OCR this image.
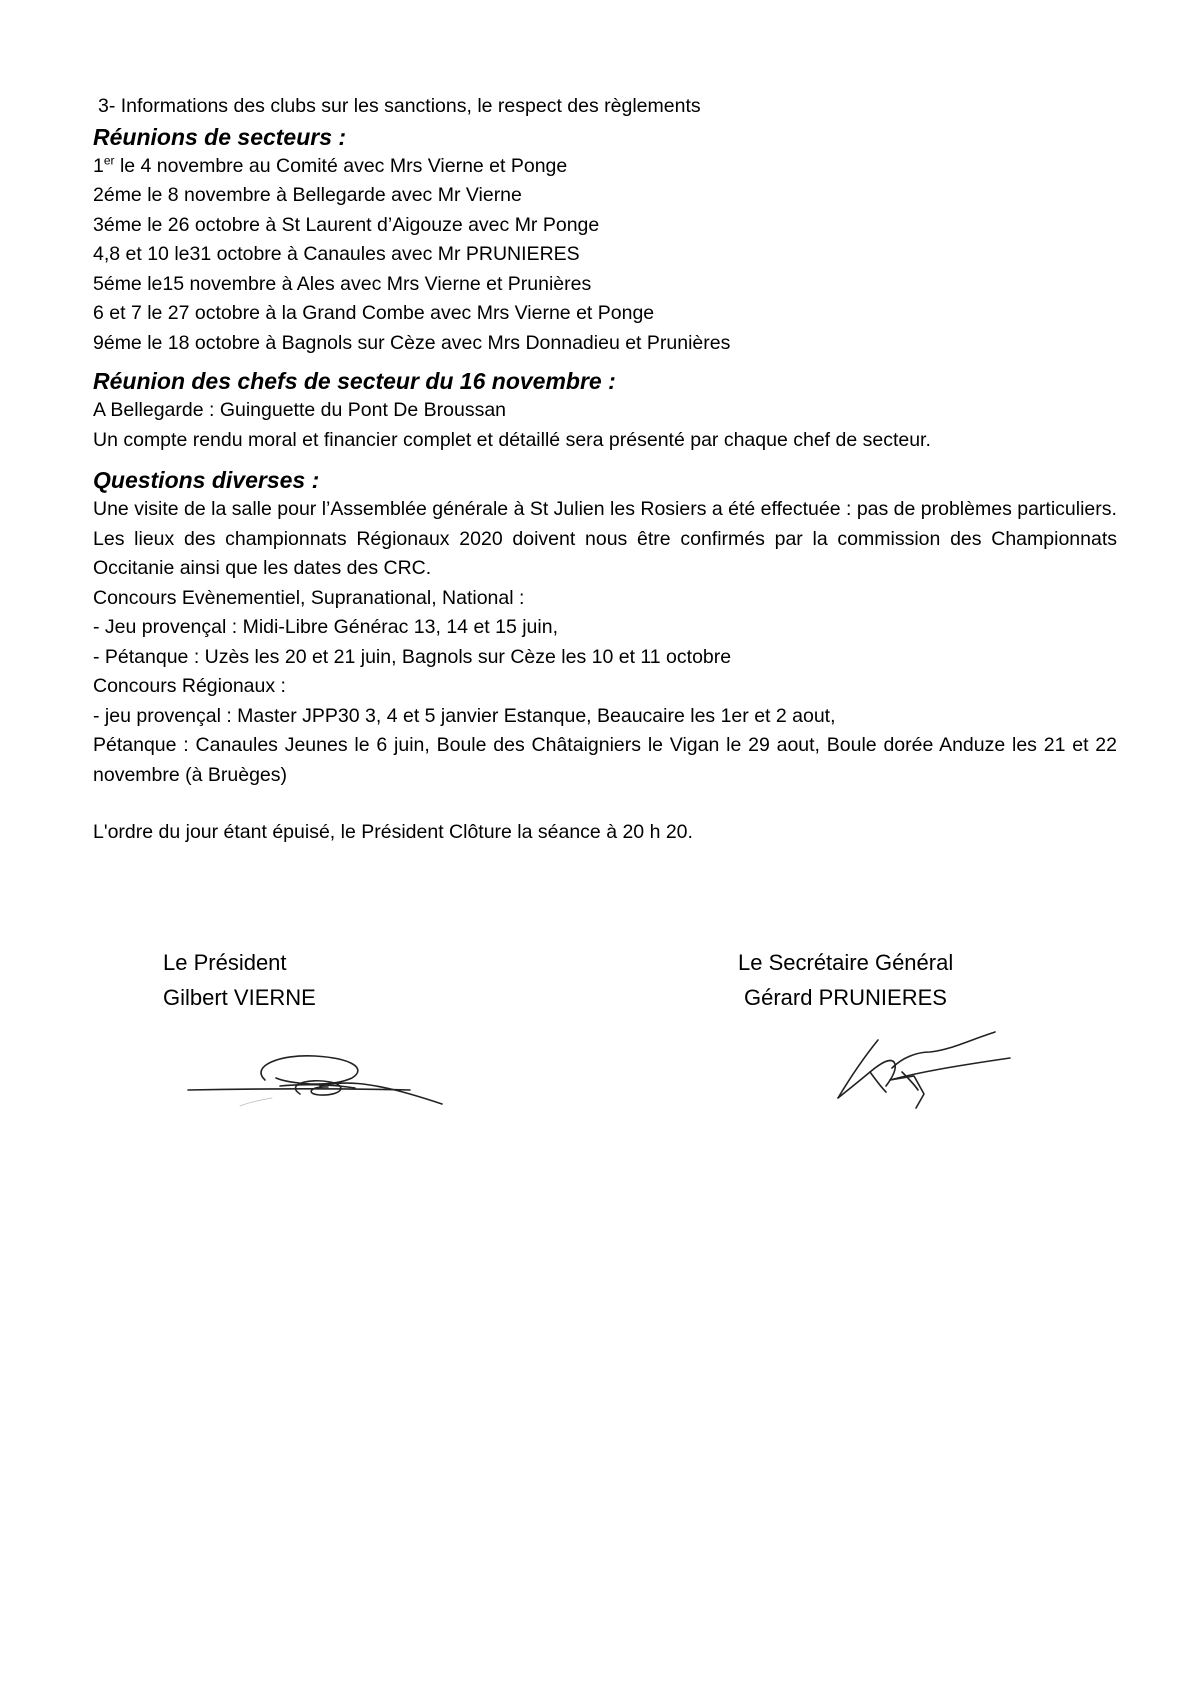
3- Informations des clubs sur les sanctions, le respect des règlements
Réunions de secteurs :
1er le 4 novembre au Comité avec Mrs Vierne et Ponge
2éme le 8 novembre à Bellegarde avec Mr Vierne
3éme le 26 octobre à St Laurent d’Aigouze avec Mr Ponge
4,8 et 10 le31 octobre à Canaules avec Mr PRUNIERES
5éme le15 novembre à Ales avec Mrs Vierne et Prunières
6 et 7 le 27 octobre à la Grand Combe avec Mrs Vierne et Ponge
9éme le 18 octobre à Bagnols sur Cèze avec Mrs Donnadieu et Prunières
Réunion des chefs de secteur du 16 novembre :
A Bellegarde : Guinguette du Pont De Broussan
Un compte rendu moral et financier complet et détaillé sera présenté par chaque chef de secteur.
Questions diverses :
Une visite de la salle pour l’Assemblée générale à St Julien les Rosiers a été effectuée : pas de problèmes particuliers.
Les lieux des championnats Régionaux 2020 doivent nous être confirmés par la commission des Championnats Occitanie ainsi que les dates des CRC.
Concours Evènementiel, Supranational, National :
- Jeu provençal : Midi-Libre Générac 13, 14 et 15 juin,
- Pétanque : Uzès les 20 et 21 juin, Bagnols sur Cèze les 10 et 11 octobre
Concours Régionaux :
- jeu provençal : Master JPP30 3, 4 et 5 janvier Estanque, Beaucaire les 1er et 2 aout,
Pétanque : Canaules Jeunes le 6 juin, Boule des Châtaigniers le Vigan le 29 aout, Boule dorée Anduze les 21 et 22 novembre (à Bruèges)
L'ordre du jour étant épuisé, le Président Clôture la séance à 20 h 20.
Le Président
Gilbert VIERNE
Le Secrétaire Général
Gérard PRUNIERES
